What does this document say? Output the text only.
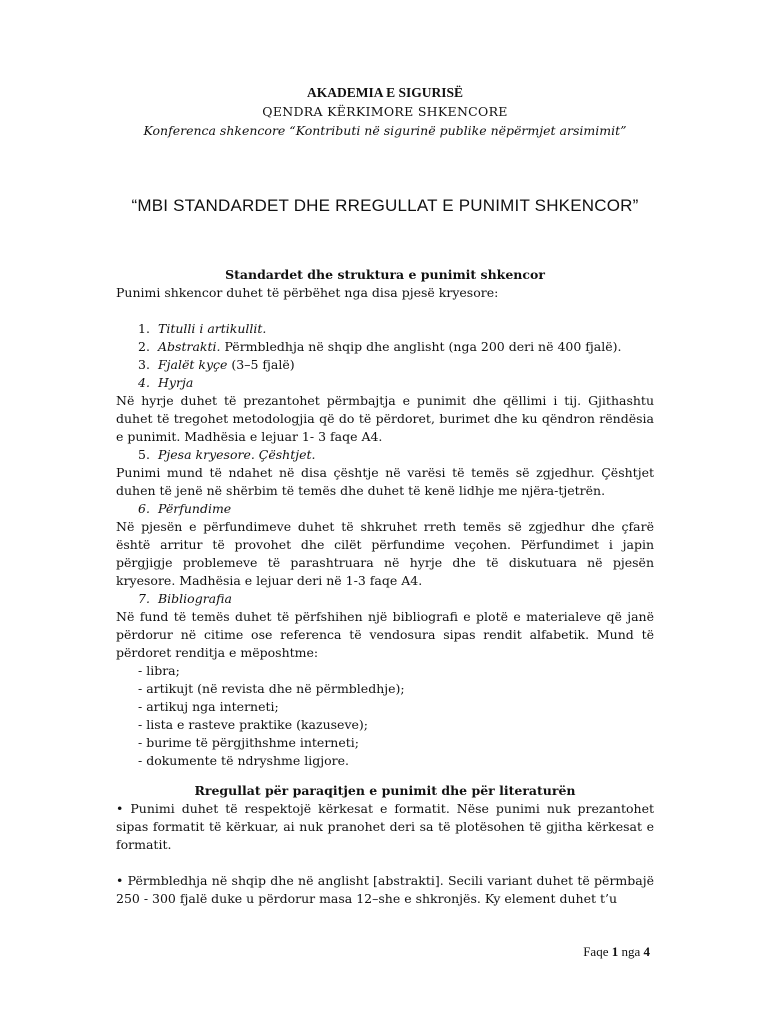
AKADEMIA E SIGURISË
QENDRA KËRKIMORE SHKENCORE
Konferenca shkencore “Kontributi në sigurinë publike nëpërmjet arsimimit”
“MBI STANDARDET DHE RREGULLAT E PUNIMIT SHKENCOR”
Standardet dhe struktura e punimit shkencor

Punimi shkencor duhet të përbëhet nga disa pjesë kryesore:

1. Titulli i artikullit.
2. Abstrakti. Përmbledhja në shqip dhe anglisht (nga 200 deri në 400 fjalë).
3. Fjalët kyçe (3–5 fjalë)
4. Hyrja

Në hyrje duhet të prezantohet përmbajtja e punimit dhe qëllimi i tij. Gjithashtu duhet të tregohet metodologjia që do të përdoret, burimet dhe ku qëndron rëndësia e punimit. Madhësia e lejuar 1- 3 faqe A4.

5. Pjesa kryesore. Çështjet.

Punimi mund të ndahet në disa çështje në varësi të temës së zgjedhur. Çështjet duhen të jenë në shërbim të temës dhe duhet të kenë lidhje me njëra-tjetrën.

6. Përfundime

Në pjesën e përfundimeve duhet të shkruhet rreth temës së zgjedhur dhe çfarë është arritur të provohet dhe cilët përfundime veçohen. Përfundimet i japin përgjigje problemeve të parashtruara në hyrje dhe të diskutuara në pjesën kryesore. Madhësia e lejuar deri në 1-3 faqe A4.

7. Bibliografia

Në fund të temës duhet të përfshihen një bibliografi e plotë e materialeve që janë përdorur në citime ose referenca të vendosura sipas rendit alfabetik. Mund të përdoret renditja e mëposhtme:

- libra;
- artikujt (në revista dhe në përmbledhje);
- artikuj nga interneti;
- lista e rasteve praktike (kazuseve);
- burime të përgjithshme interneti;
- dokumente të ndryshme ligjore.
Rregullat për paraqitjen e punimit dhe për literaturën

• Punimi duhet të respektojë kërkesat e formatit. Nëse punimi nuk prezantohet sipas formatit të kërkuar, ai nuk pranohet deri sa të plotësohen të gjitha kërkesat e formatit.

• Përmbledhja në shqip dhe në anglisht [abstrakti]. Secili variant duhet të përmbajë 250 - 300 fjalë duke u përdorur masa 12–she e shkronjës. Ky element duhet t’u

Faqe 1 nga 4
